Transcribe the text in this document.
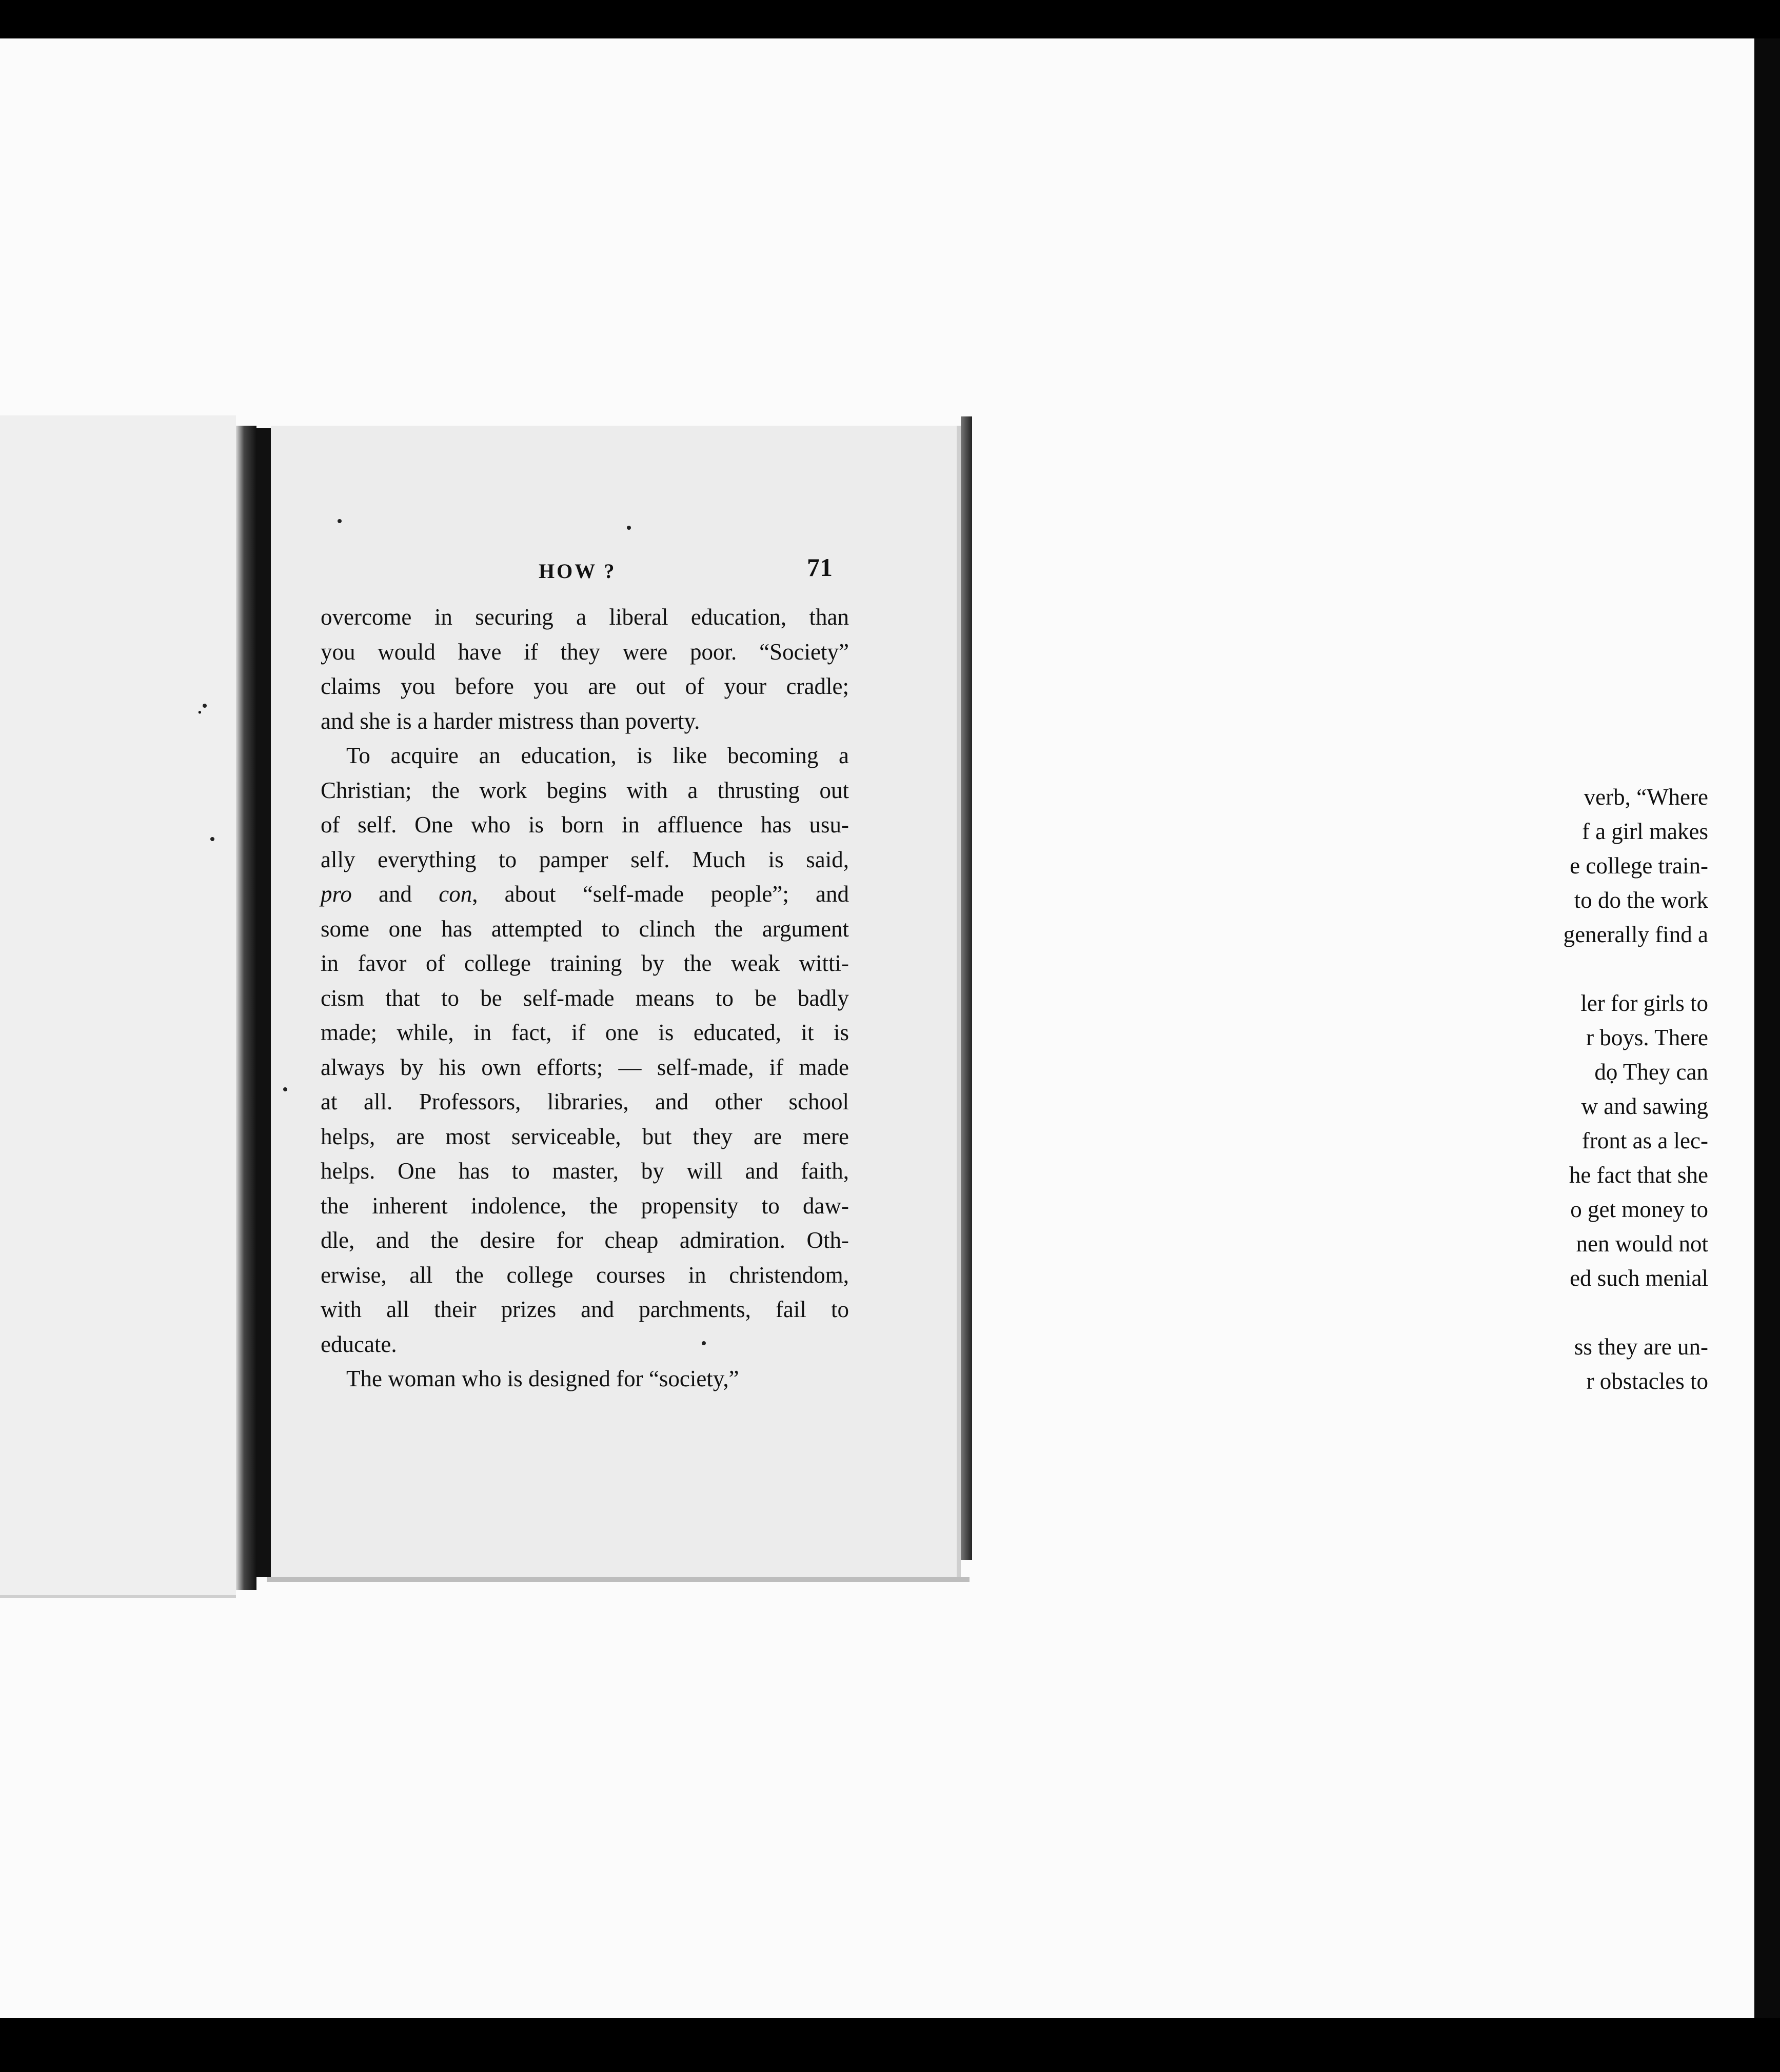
.
verb, “Where
f a girl makes
e college train-
to do the work
generally find a
ler for girls to
r boys. There
dọ They can
w and sawing
front as a lec-
he fact that she
o get money to
nen would not
ed such menial
ss they are un-
r obstacles to
HOW ?	71
overcome in securing a liberal education, than
you would have if they were poor. “Society”
claims you before you are out of your cradle;
and she is a harder mistress than poverty.
To acquire an education, is like becoming a
Christian; the work begins with a thrusting out
of self. One who is born in affluence has usu-
ally everything to pamper self. Much is said,
pro and con, about “self-made people”; and
some one has attempted to clinch the argument
in favor of college training by the weak witti-
cism that to be self-made means to be badly
made; while, in fact, if one is educated, it is
always by his own efforts; — self-made, if made
at all. Professors, libraries, and other school
helps, are most serviceable, but they are mere
helps. One has to master, by will and faith,
the inherent indolence, the propensity to daw-
dle, and the desire for cheap admiration. Oth-
erwise, all the college courses in christendom,
with all their prizes and parchments, fail to
educate.
The woman who is designed for “society,”
